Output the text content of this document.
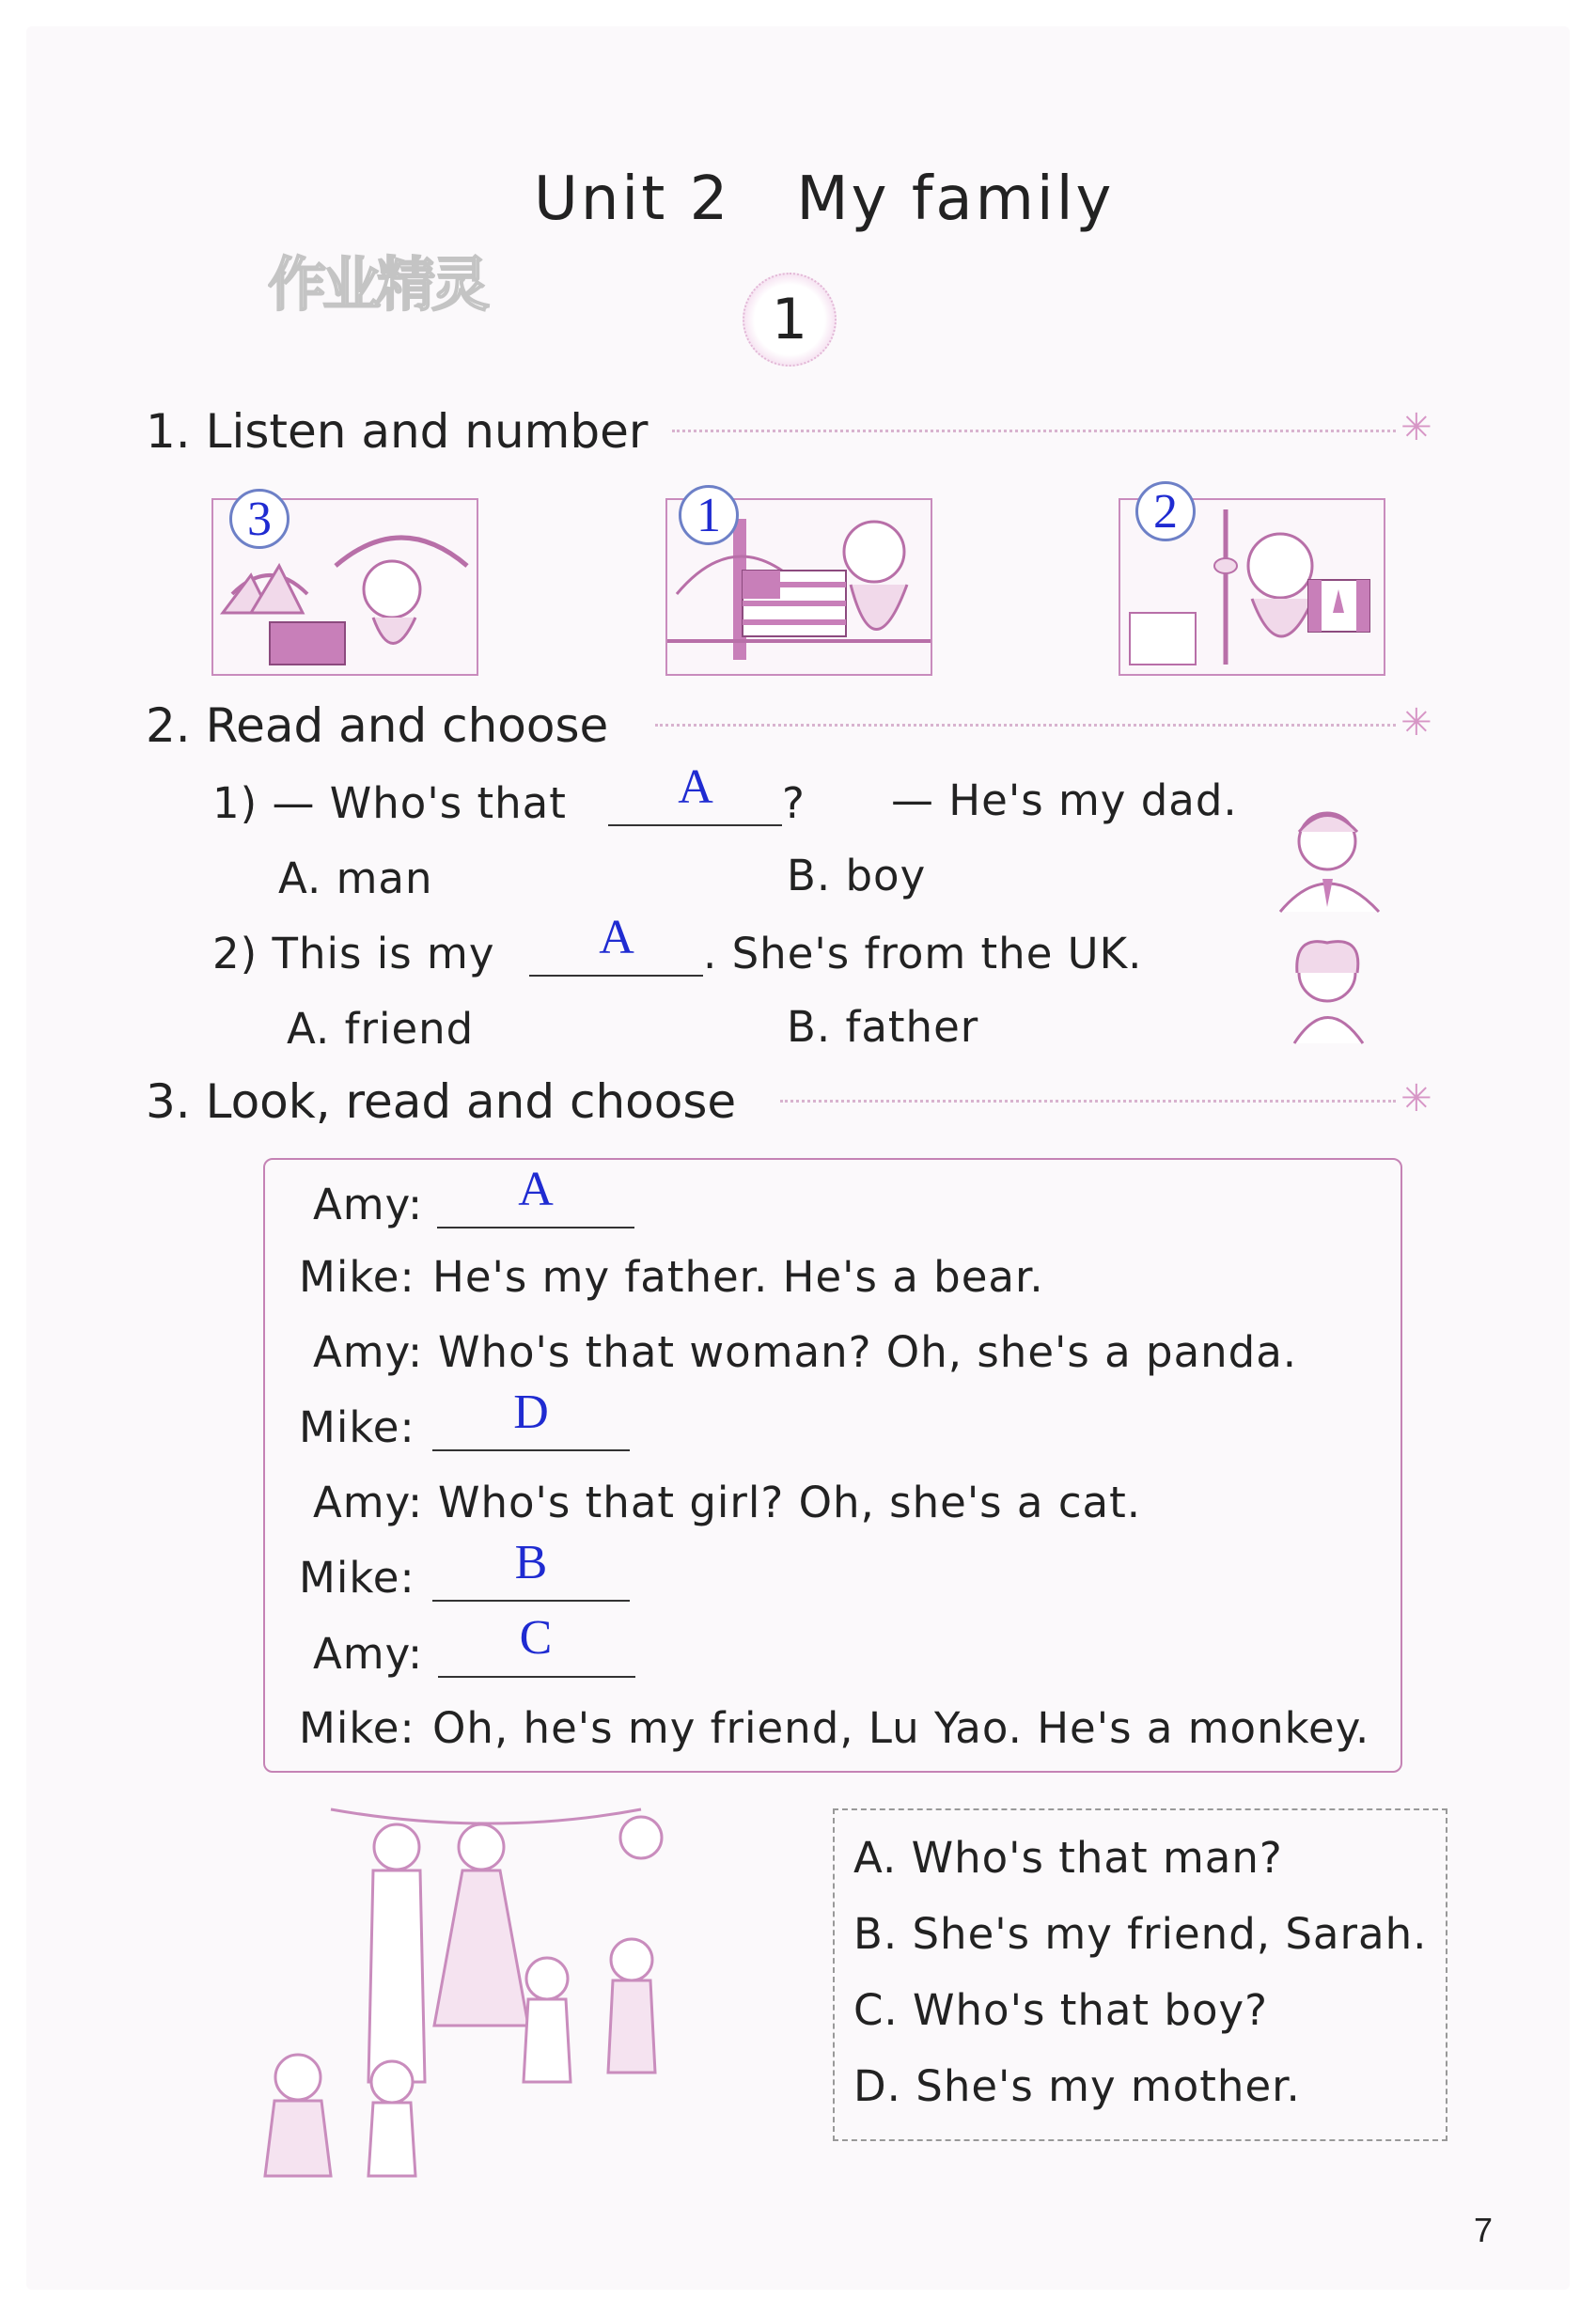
Unit 2   My family
作业精灵
1
1. Listen and number	✳
3	1	2
2. Read and choose	✳
1) — Who's that	A	? — He's my dad.
A. man	B. boy
2) This is my	A	. She's from the UK.
A. friend	B. father
3. Look, read and choose	✳
Amy:	A
Mike: He's my father. He's a bear.
Amy: Who's that woman? Oh, she's a panda.
Mike:	D
Amy: Who's that girl? Oh, she's a cat.
Mike:	B
Amy:	C
Mike: Oh, he's my friend, Lu Yao. He's a monkey.
A. Who's that man?
B. She's my friend, Sarah.
C. Who's that boy?
D. She's my mother.
7
